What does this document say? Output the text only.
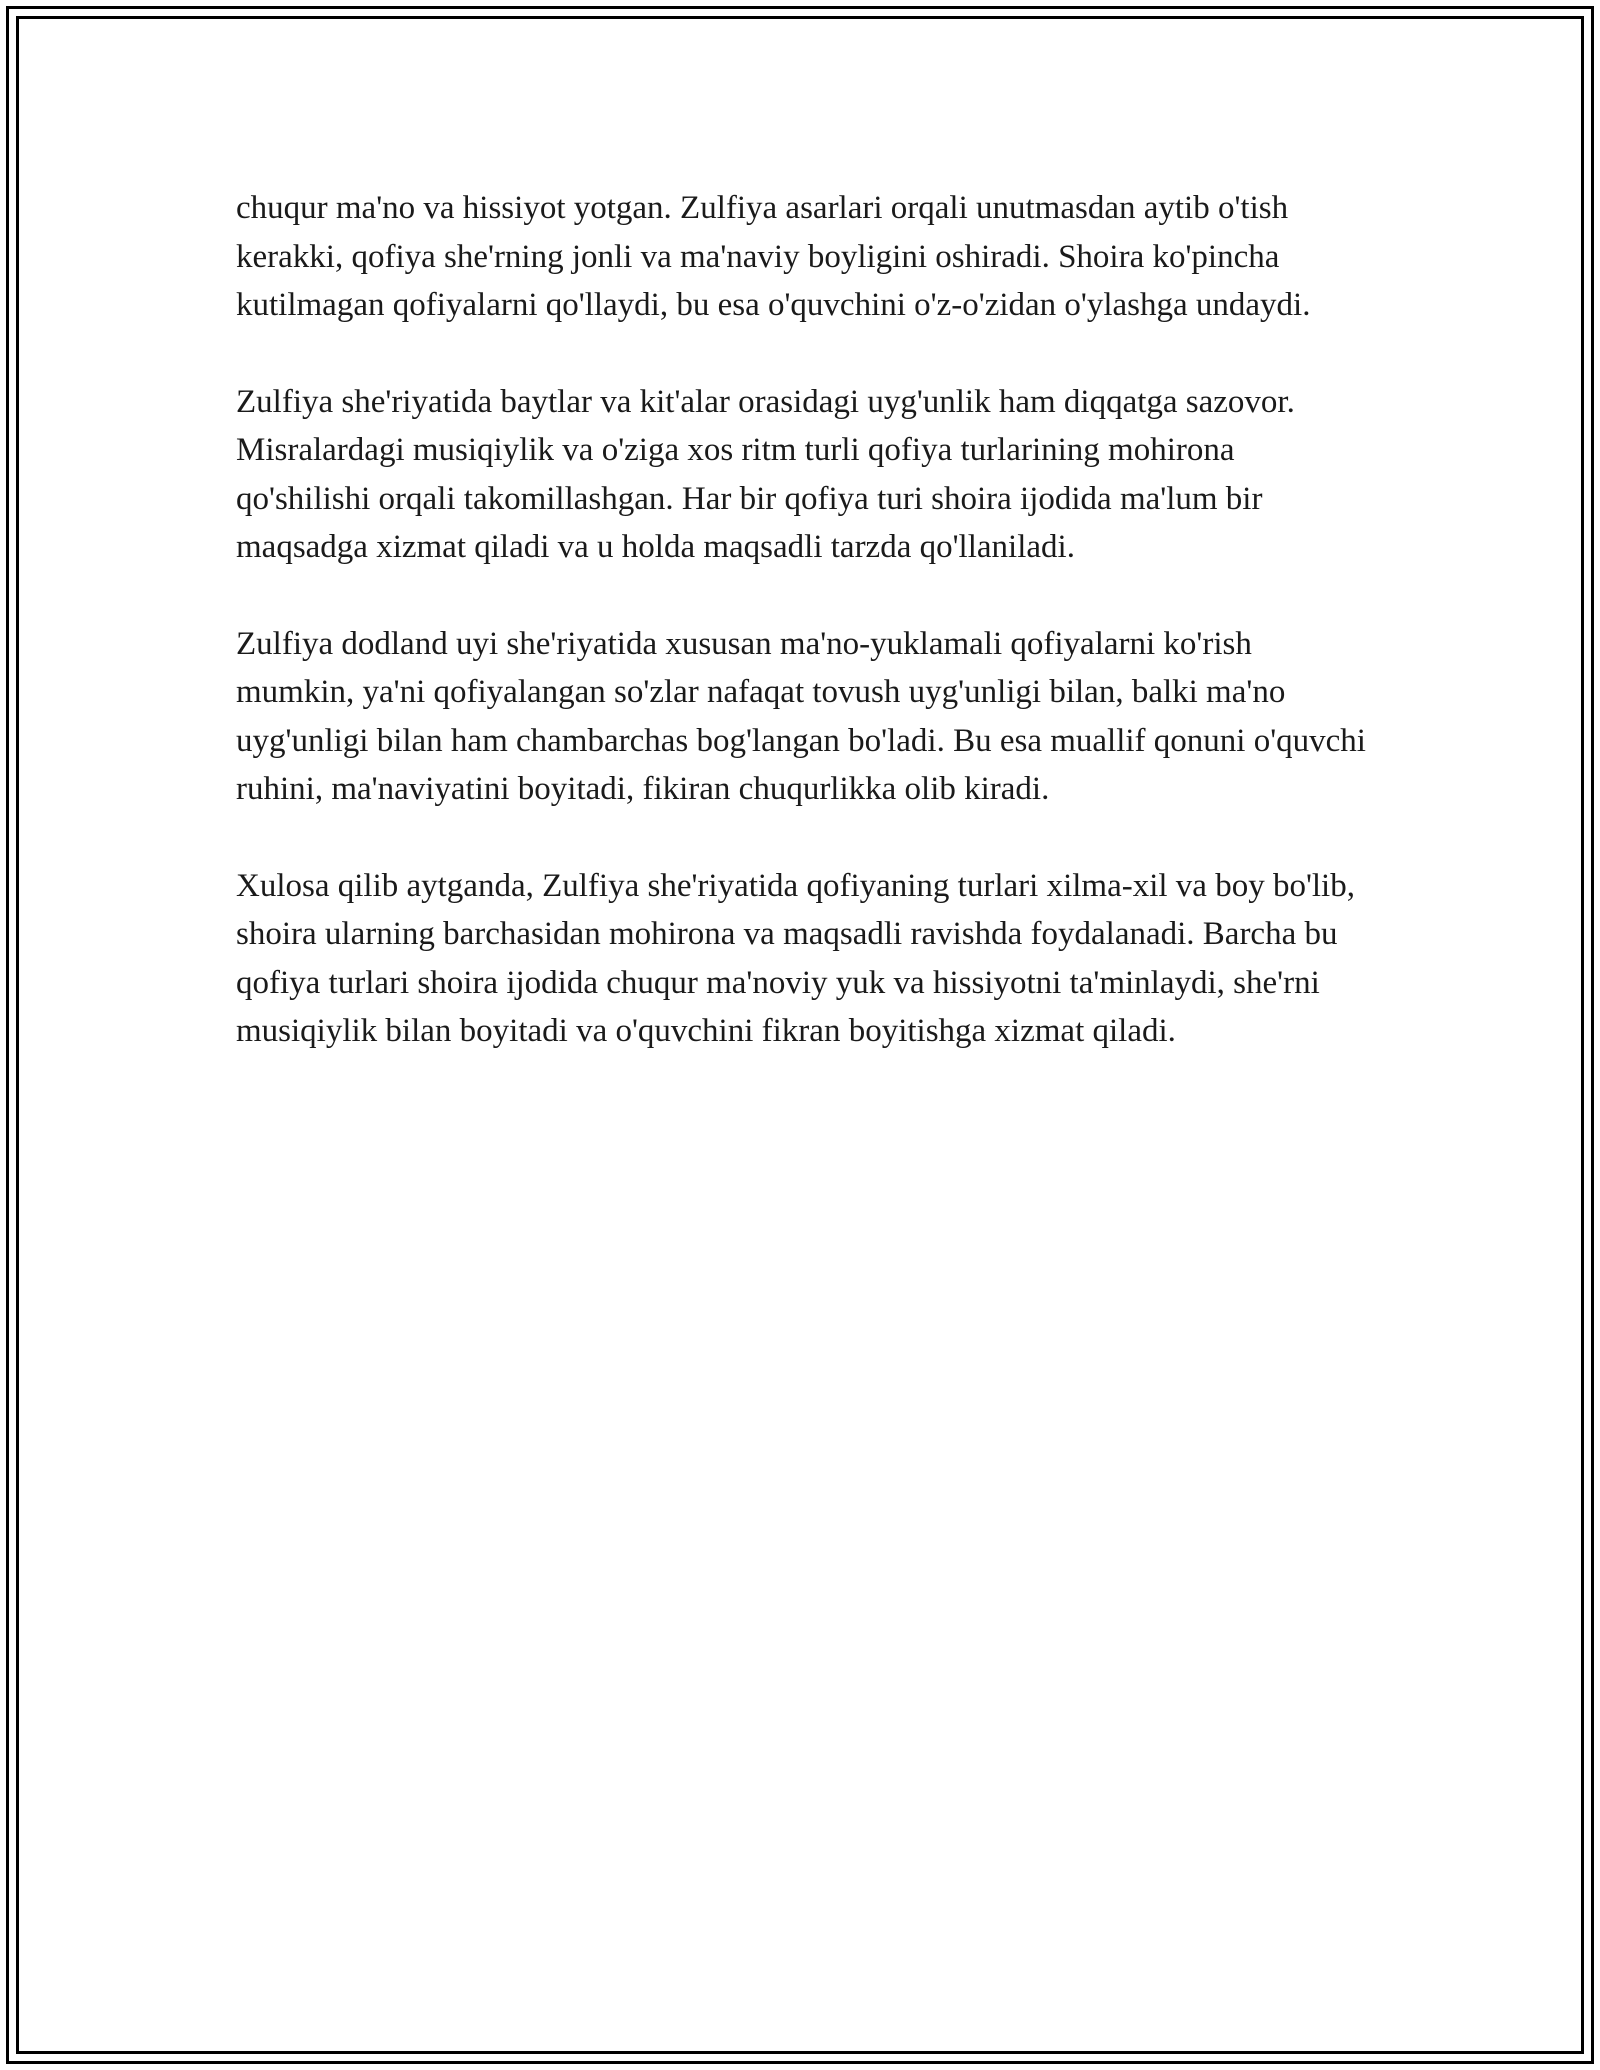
chuqur ma'no va hissiyot yotgan. Zulfiya asarlari orqali unutmasdan aytib o'tish kerakki, qofiya she'rning jonli va ma'naviy boyligini oshiradi. Shoira ko'pincha kutilmagan qofiyalarni qo'llaydi, bu esa o'quvchini o'z-o'zidan o'ylashga undaydi.

Zulfiya she'riyatida baytlar va kit'alar orasidagi uyg'unlik ham diqqatga sazovor. Misralardagi musiqiylik va o'ziga xos ritm turli qofiya turlarining mohirona qo'shilishi orqali takomillashgan. Har bir qofiya turi shoira ijodida ma'lum bir maqsadga xizmat qiladi va u holda maqsadli tarzda qo'llaniladi.

Zulfiya dodland uyi she'riyatida xususan ma'no-yuklamali qofiyalarni ko'rish mumkin, ya'ni qofiyalangan so'zlar nafaqat tovush uyg'unligi bilan, balki ma'no uyg'unligi bilan ham chambarchas bog'langan bo'ladi. Bu esa muallif qonuni o'quvchi ruhini, ma'naviyatini boyitadi, fikiran chuqurlikka olib kiradi.

Xulosa qilib aytganda, Zulfiya she'riyatida qofiyaning turlari xilma-xil va boy bo'lib, shoira ularning barchasidan mohirona va maqsadli ravishda foydalanadi. Barcha bu qofiya turlari shoira ijodida chuqur ma'noviy yuk va hissiyotni ta'minlaydi, she'rni musiqiylik bilan boyitadi va o'quvchini fikran boyitishga xizmat qiladi.
